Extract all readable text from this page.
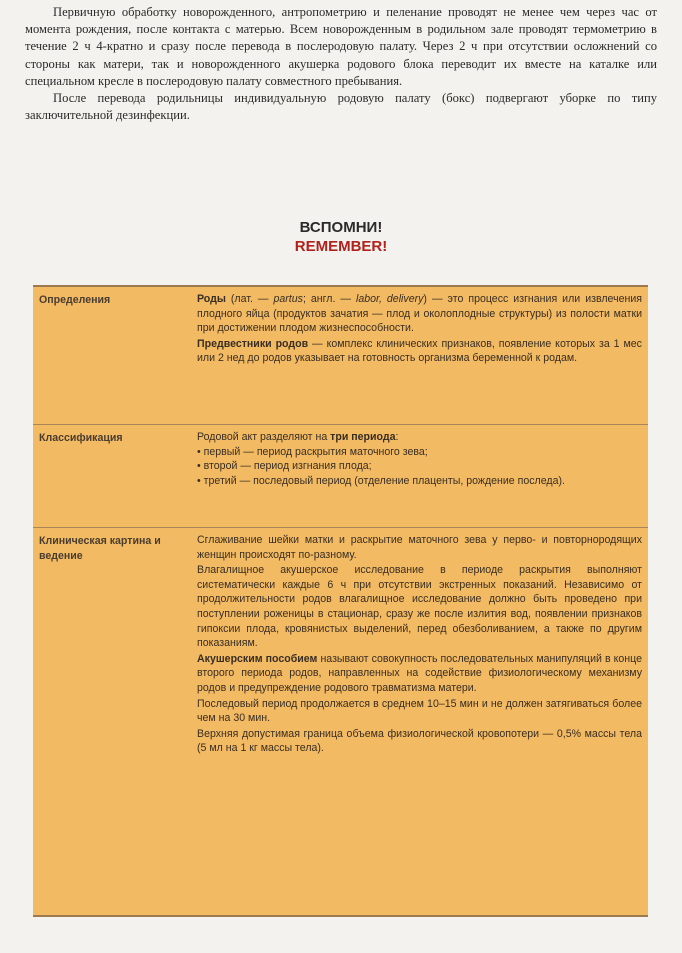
Первичную обработку новорожденного, антропометрию и пеленание проводят не менее чем через час от момента рождения, после контакта с матерью. Всем новорожденным в родильном зале проводят термометрию в течение 2 ч 4-кратно и сразу после перевода в послеродовую палату. Через 2 ч при отсутствии осложнений со стороны как матери, так и новорожденного акушерка родового блока переводит их вместе на каталке или специальном кресле в послеродовую палату совместного пребывания.

После перевода родильницы индивидуальную родовую палату (бокс) подвергают уборке по типу заключительной дезинфекции.

ВСПОМНИ!
REMEMBER!
Определения	Роды (лат. — partus; англ. — labor, delivery) — это процесс изгнания или извлечения плодного яйца (продуктов зачатия — плод и околоплодные структуры) из полости матки при достижении плодом жизнеспособности.

Предвестники родов — комплекс клинических признаков, появление которых за 1 мес или 2 нед до родов указывает на готовность организма беременной к родам.

Классификация	Родовой акт разделяют на три периода:

• первый — период раскрытия маточного зева;
• второй — период изгнания плода;
• третий — последовый период (отделение плаценты, рождение последа).
Клиническая картина и ведение

Сглаживание шейки матки и раскрытие маточного зева у перво- и повторнородящих женщин происходят по-разному.

Влагалищное акушерское исследование в периоде раскрытия выполняют систематически каждые 6 ч при отсутствии экстренных показаний. Независимо от продолжительности родов влагалищное исследование должно быть проведено при поступлении роженицы в стационар, сразу же после излития вод, появлении признаков гипоксии плода, кровянистых выделений, перед обезболиванием, а также по другим показаниям.

Акушерским пособием называют совокупность последовательных манипуляций в конце второго периода родов, направленных на содействие физиологическому механизму родов и предупреждение родового травматизма матери.

Последовый период продолжается в среднем 10–15 мин и не должен затягиваться более чем на 30 мин.

Верхняя допустимая граница объема физиологической кровопотери — 0,5% массы тела (5 мл на 1 кг массы тела).
